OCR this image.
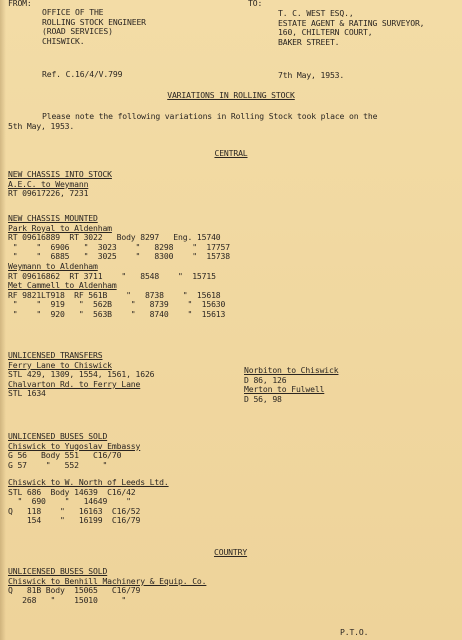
FROM:	TO:
OFFICE OF THE
ROLLING STOCK ENGINEER
(ROAD SERVICES)
CHISWICK.
T. C. WEST ESQ.,
ESTATE AGENT & RATING SURVEYOR,
160, CHILTERN COURT,
BAKER STREET.
Ref. C.16/4/V.799	7th May, 1953.
VARIATIONS IN ROLLING STOCK
Please note the following variations in Rolling Stock took place on the
5th May, 1953.
CENTRAL
NEW CHASSIS INTO STOCK
A.E.C. to Weymann
RT 09617226, 7231
NEW CHASSIS MOUNTED
Park Royal to Aldenham
RT 09616889  RT 3022   Body 8297   Eng. 15740
"    "  6906   "  3023    "   8298    "  17757
"    "  6885   "  3025    "   8300    "  15738
Weymann to Aldenham
RT 09616862  RT 3711    "   8548    "  15715
Met Cammell to Aldenham
RF 9821LT918  RF 561B    "   8738    "  15618
"    "  919   "  562B    "   8739    "  15630
"    "  920   "  563B    "   8740    "  15613
UNLICENSED TRANSFERS
Ferry Lane to Chiswick
STL 429, 1309, 1554, 1561, 1626
Chalvarton Rd. to Ferry Lane
STL 1634
Norbiton to Chiswick
D 86, 126
Merton to Fulwell
D 56, 98
UNLICENSED BUSES SOLD
Chiswick to Yugoslav Embassy
G 56   Body 551   C16/70
G 57    "   552     "
Chiswick to W. North of Leeds Ltd.
STL 686  Body 14639  C16/42
"  690    "   14649    "
Q   118    "   16163  C16/52
154    "   16199  C16/79
COUNTRY
UNLICENSED BUSES SOLD
Chiswick to Benhill Machinery & Equip. Co.
Q   81B Body  15065   C16/79
268   "    15010     "
P.T.O.
